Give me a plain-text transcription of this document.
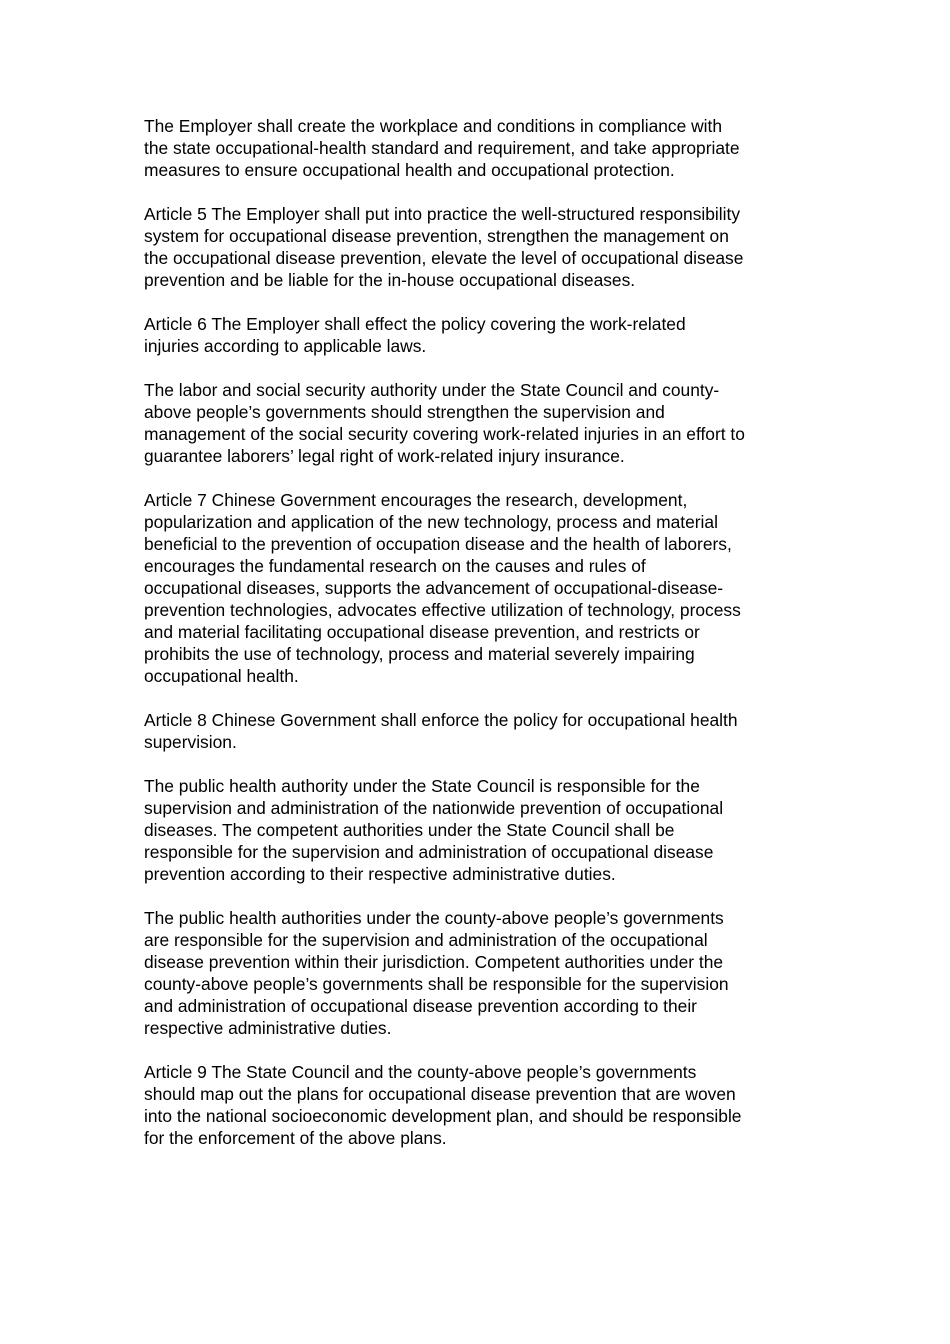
The Employer shall create the workplace and conditions in compliance with
the state occupational-health standard and requirement, and take appropriate
measures to ensure occupational health and occupational protection.

Article 5 The Employer shall put into practice the well-structured responsibility
system for occupational disease prevention, strengthen the management on
the occupational disease prevention, elevate the level of occupational disease
prevention and be liable for the in-house occupational diseases.

Article 6 The Employer shall effect the policy covering the work-related
injuries according to applicable laws.

The labor and social security authority under the State Council and county-
above people’s governments should strengthen the supervision and
management of the social security covering work-related injuries in an effort to
guarantee laborers’ legal right of work-related injury insurance.

Article 7 Chinese Government encourages the research, development,
popularization and application of the new technology, process and material
beneficial to the prevention of occupation disease and the health of laborers,
encourages the fundamental research on the causes and rules of
occupational diseases, supports the advancement of occupational-disease-
prevention technologies, advocates effective utilization of technology, process
and material facilitating occupational disease prevention, and restricts or
prohibits the use of technology, process and material severely impairing
occupational health.

Article 8 Chinese Government shall enforce the policy for occupational health
supervision.

The public health authority under the State Council is responsible for the
supervision and administration of the nationwide prevention of occupational
diseases. The competent authorities under the State Council shall be
responsible for the supervision and administration of occupational disease
prevention according to their respective administrative duties.

The public health authorities under the county-above people’s governments
are responsible for the supervision and administration of the occupational
disease prevention within their jurisdiction. Competent authorities under the
county-above people’s governments shall be responsible for the supervision
and administration of occupational disease prevention according to their
respective administrative duties.

Article 9 The State Council and the county-above people’s governments
should map out the plans for occupational disease prevention that are woven
into the national socioeconomic development plan, and should be responsible
for the enforcement of the above plans.
